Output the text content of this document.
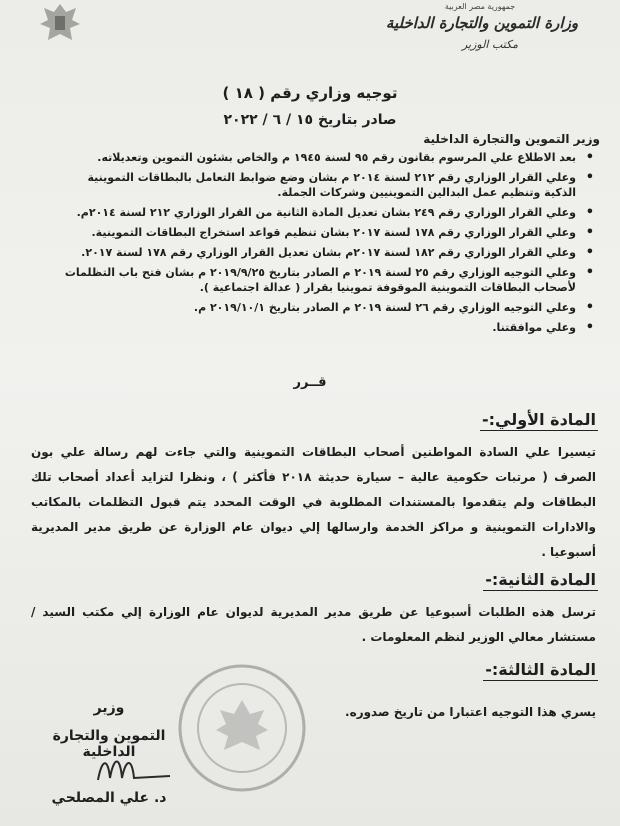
جمهورية مصر العربية
وزارة التموين والتجارة الداخلية
مكتب الوزير
توجيه وزاري رقم ( ١٨ )
صادر بتاريخ ١٥ / ٦ / ٢٠٢٢
وزير التموين والتجارة الداخلية
• بعد الاطلاع علي المرسوم بقانون رقم ٩٥ لسنة ١٩٤٥ م والخاص بشئون التموين وتعديلاته.
• وعلي القرار الوزاري رقم ٢١٢ لسنة ٢٠١٤ م بشان وضع ضوابط التعامل بالبطاقات التموينية الذكية وتنظيم عمل البدالين التموينيين وشركات الجملة.
• وعلي القرار الوزاري رقم ٢٤٩ بشان تعديل المادة الثانية من القرار الوزاري ٢١٢ لسنة ٢٠١٤م.
• وعلي القرار الوزاري رقم ١٧٨ لسنة ٢٠١٧ بشان تنظيم قواعد استخراج البطاقات التموينية.
• وعلي القرار الوزاري رقم ١٨٢ لسنة ٢٠١٧م بشان تعديل القرار الوزاري رقم ١٧٨ لسنة ٢٠١٧.
• وعلي التوجيه الوزاري رقم ٢٥ لسنة ٢٠١٩ م الصادر بتاريخ ٢٠١٩/٩/٢٥ م بشان فتح باب التظلمات لأصحاب البطاقات التموينية الموقوفة تموينيا بقرار ( عدالة اجتماعية ).
• وعلي التوجيه الوزاري رقم ٢٦ لسنة ٢٠١٩ م الصادر بتاريخ ٢٠١٩/١٠/١ م.
• وعلي موافقتنا.
قــرر
المادة الأولي:-
تيسيرا علي السادة المواطنين أصحاب البطاقات التموينية والتي جاءت لهم رسالة علي بون الصرف ( مرتبات حكومية عالية – سيارة حديثة ٢٠١٨ فأكثر ) ، ونظرا لتزايد أعداد أصحاب تلك البطاقات ولم يتقدموا بالمستندات المطلوبة في الوقت المحدد يتم قبول التظلمات بالمكاتب والادارات التموينية و مراكز الخدمة وارسالها إلي ديوان عام الوزارة عن طريق مدير المديرية أسبوعيا .
المادة الثانية:-
ترسل هذه الطلبات أسبوعيا عن طريق مدير المديرية لديوان عام الوزارة إلي مكتب السيد / مستشار معالي الوزير لنظم المعلومات .
المادة الثالثة:-
يسري هذا التوجيه اعتبارا من تاريخ صدوره.
وزير
التموين والتجارة الداخلية
د. علي المصلحي
